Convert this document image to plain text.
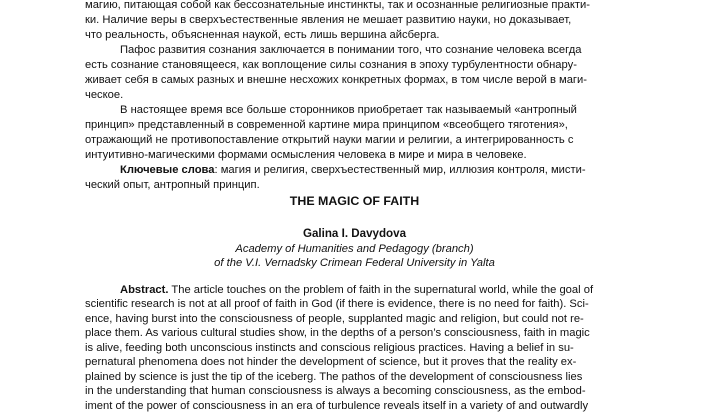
магию, питающая собой как бессознательные инстинкты, так и осознанные религиозные практи-
ки. Наличие веры в сверхъестественные явления не мешает развитию науки, но доказывает,
что реальность, объясненная наукой, есть лишь вершина айсберга.
Пафос развития сознания заключается в понимании того, что сознание человека всегда
есть сознание становящееся, как воплощение силы сознания в эпоху турбулентности обнару-
живает себя в самых разных и внешне несхожих конкретных формах, в том числе верой в маги-
ческое.
В настоящее время все больше сторонников приобретает так называемый «антропный
принцип» представленный в современной картине мира принципом «всеобщего тяготения»,
отражающий не противопоставление открытий науки магии и религии, а интегрированность с
интуитивно-магическими формами осмысления человека в мире и мира в человеке.
Ключевые слова: магия и религия, сверхъестественный мир, иллюзия контроля, мисти-
ческий опыт, антропный принцип.
THE MAGIC OF FAITH
Galina I. Davydova
Academy of Humanities and Pedagogy (branch)
of the V.I. Vernadsky Crimean Federal University in Yalta
Abstract. The article touches on the problem of faith in the supernatural world, while the goal of
scientific research is not at all proof of faith in God (if there is evidence, there is no need for faith). Sci-
ence, having burst into the consciousness of people, supplanted magic and religion, but could not re-
place them. As various cultural studies show, in the depths of a person’s consciousness, faith in magic
is alive, feeding both unconscious instincts and conscious religious practices. Having a belief in su-
pernatural phenomena does not hinder the development of science, but it proves that the reality ex-
plained by science is just the tip of the iceberg. The pathos of the development of consciousness lies
in the understanding that human consciousness is always a becoming consciousness, as the embod-
iment of the power of consciousness in an era of turbulence reveals itself in a variety of and outwardly
